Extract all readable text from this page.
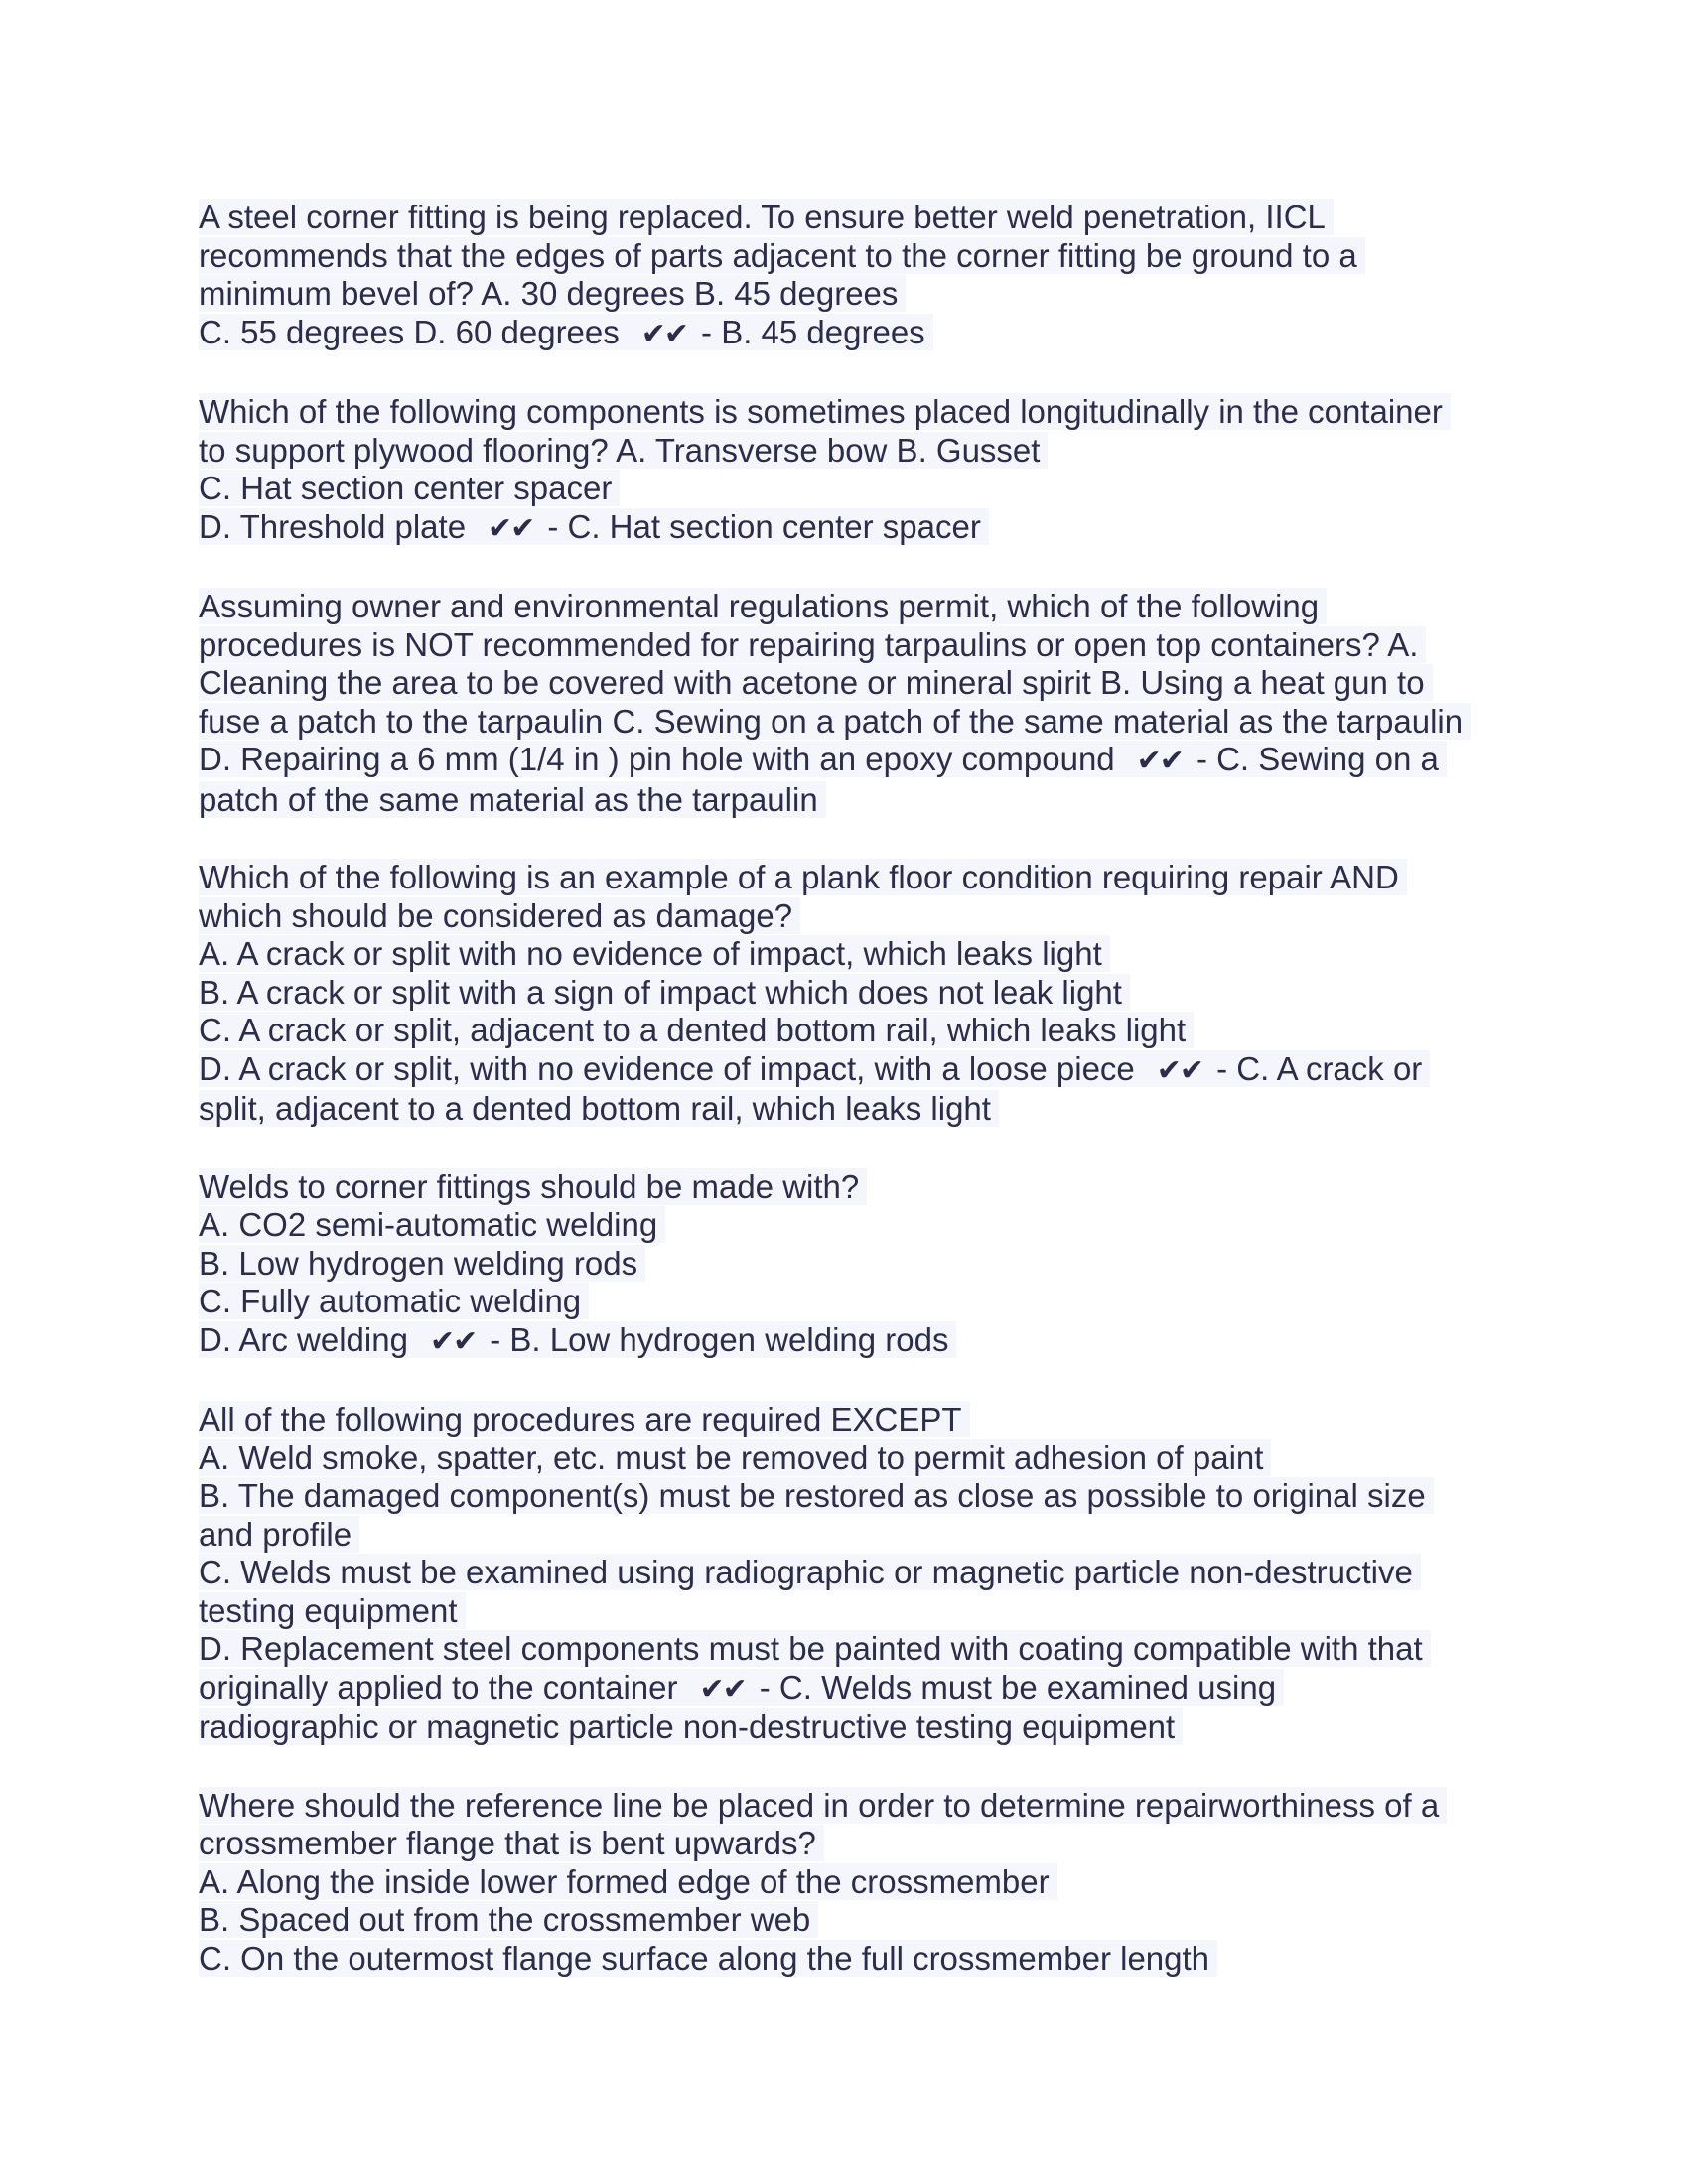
A steel corner fitting is being replaced. To ensure better weld penetration, IICL
recommends that the edges of parts adjacent to the corner fitting be ground to a
minimum bevel of? A. 30 degrees B. 45 degrees
C. 55 degrees D. 60 degrees ✔✔ - B. 45 degrees
Which of the following components is sometimes placed longitudinally in the container
to support plywood flooring? A. Transverse bow B. Gusset
C. Hat section center spacer
D. Threshold plate ✔✔ - C. Hat section center spacer
Assuming owner and environmental regulations permit, which of the following
procedures is NOT recommended for repairing tarpaulins or open top containers? A.
Cleaning the area to be covered with acetone or mineral spirit B. Using a heat gun to
fuse a patch to the tarpaulin C. Sewing on a patch of the same material as the tarpaulin
D. Repairing a 6 mm (1/4 in ) pin hole with an epoxy compound ✔✔ - C. Sewing on a
patch of the same material as the tarpaulin
Which of the following is an example of a plank floor condition requiring repair AND
which should be considered as damage?
A. A crack or split with no evidence of impact, which leaks light
B. A crack or split with a sign of impact which does not leak light
C. A crack or split, adjacent to a dented bottom rail, which leaks light
D. A crack or split, with no evidence of impact, with a loose piece ✔✔ - C. A crack or
split, adjacent to a dented bottom rail, which leaks light
Welds to corner fittings should be made with?
A. CO2 semi-automatic welding
B. Low hydrogen welding rods
C. Fully automatic welding
D. Arc welding ✔✔ - B. Low hydrogen welding rods
All of the following procedures are required EXCEPT
A. Weld smoke, spatter, etc. must be removed to permit adhesion of paint
B. The damaged component(s) must be restored as close as possible to original size
and profile
C. Welds must be examined using radiographic or magnetic particle non-destructive
testing equipment
D. Replacement steel components must be painted with coating compatible with that
originally applied to the container ✔✔ - C. Welds must be examined using
radiographic or magnetic particle non-destructive testing equipment
Where should the reference line be placed in order to determine repairworthiness of a
crossmember flange that is bent upwards?
A. Along the inside lower formed edge of the crossmember
B. Spaced out from the crossmember web
C. On the outermost flange surface along the full crossmember length
